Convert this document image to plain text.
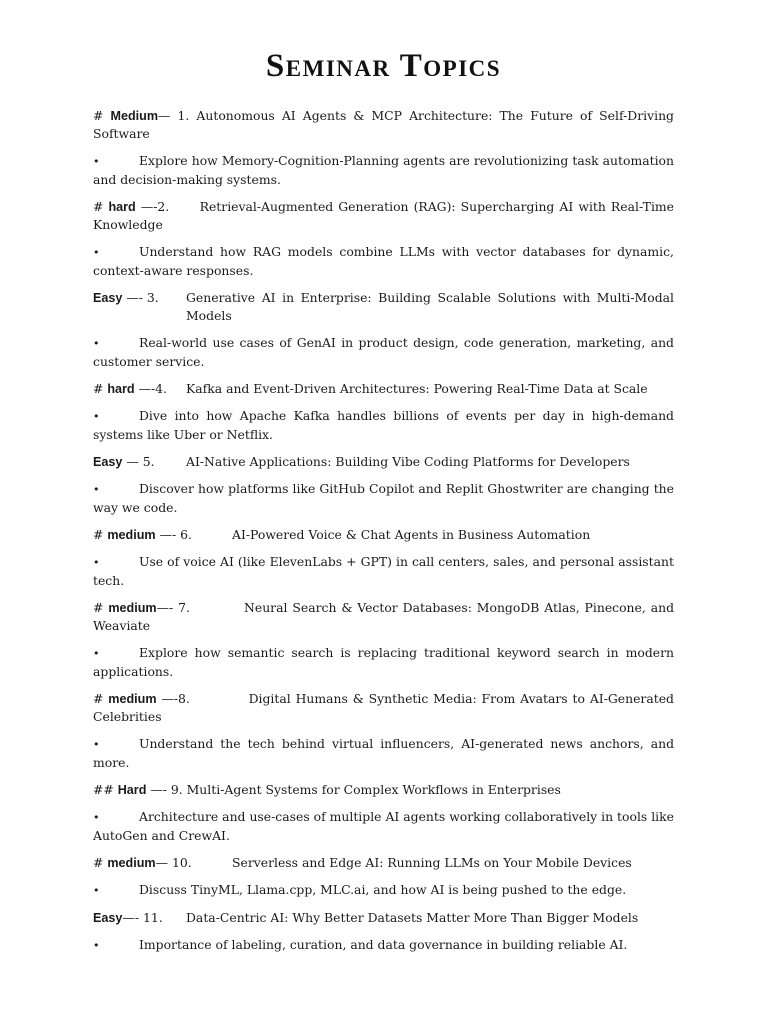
Seminar Topics
# Medium— 1. Autonomous AI Agents & MCP Architecture: The Future of Self-Driving Software

•	Explore how Memory-Cognition-Planning agents are revolutionizing task automation and decision-making systems.

# hard —-2. Retrieval-Augmented Generation (RAG): Supercharging AI with Real-Time Knowledge

•	Understand how RAG models combine LLMs with vector databases for dynamic, context-aware responses.

Easy —- 3.	Generative AI in Enterprise: Building Scalable Solutions with Multi-Modal Models

•	Real-world use cases of GenAI in product design, code generation, marketing, and customer service.

# hard —-4.	Kafka and Event-Driven Architectures: Powering Real-Time Data at Scale

•	Dive into how Apache Kafka handles billions of events per day in high-demand systems like Uber or Netflix.

Easy — 5.	AI-Native Applications: Building Vibe Coding Platforms for Developers

•	Discover how platforms like GitHub Copilot and Replit Ghostwriter are changing the way we code.

# medium —- 6.	AI-Powered Voice & Chat Agents in Business Automation

•	Use of voice AI (like ElevenLabs + GPT) in call centers, sales, and personal assistant tech.

# medium—- 7.	Neural Search & Vector Databases: MongoDB Atlas, Pinecone, and Weaviate

•	Explore how semantic search is replacing traditional keyword search in modern applications.

# medium —-8.	Digital Humans & Synthetic Media: From Avatars to AI-Generated Celebrities

•	Understand the tech behind virtual influencers, AI-generated news anchors, and more.

## Hard —- 9. Multi-Agent Systems for Complex Workflows in Enterprises

•	Architecture and use-cases of multiple AI agents working collaboratively in tools like AutoGen and CrewAI.

# medium— 10.	Serverless and Edge AI: Running LLMs on Your Mobile Devices

•	Discuss TinyML, Llama.cpp, MLC.ai, and how AI is being pushed to the edge.

Easy—- 11.	Data-Centric AI: Why Better Datasets Matter More Than Bigger Models

•	Importance of labeling, curation, and data governance in building reliable AI.
